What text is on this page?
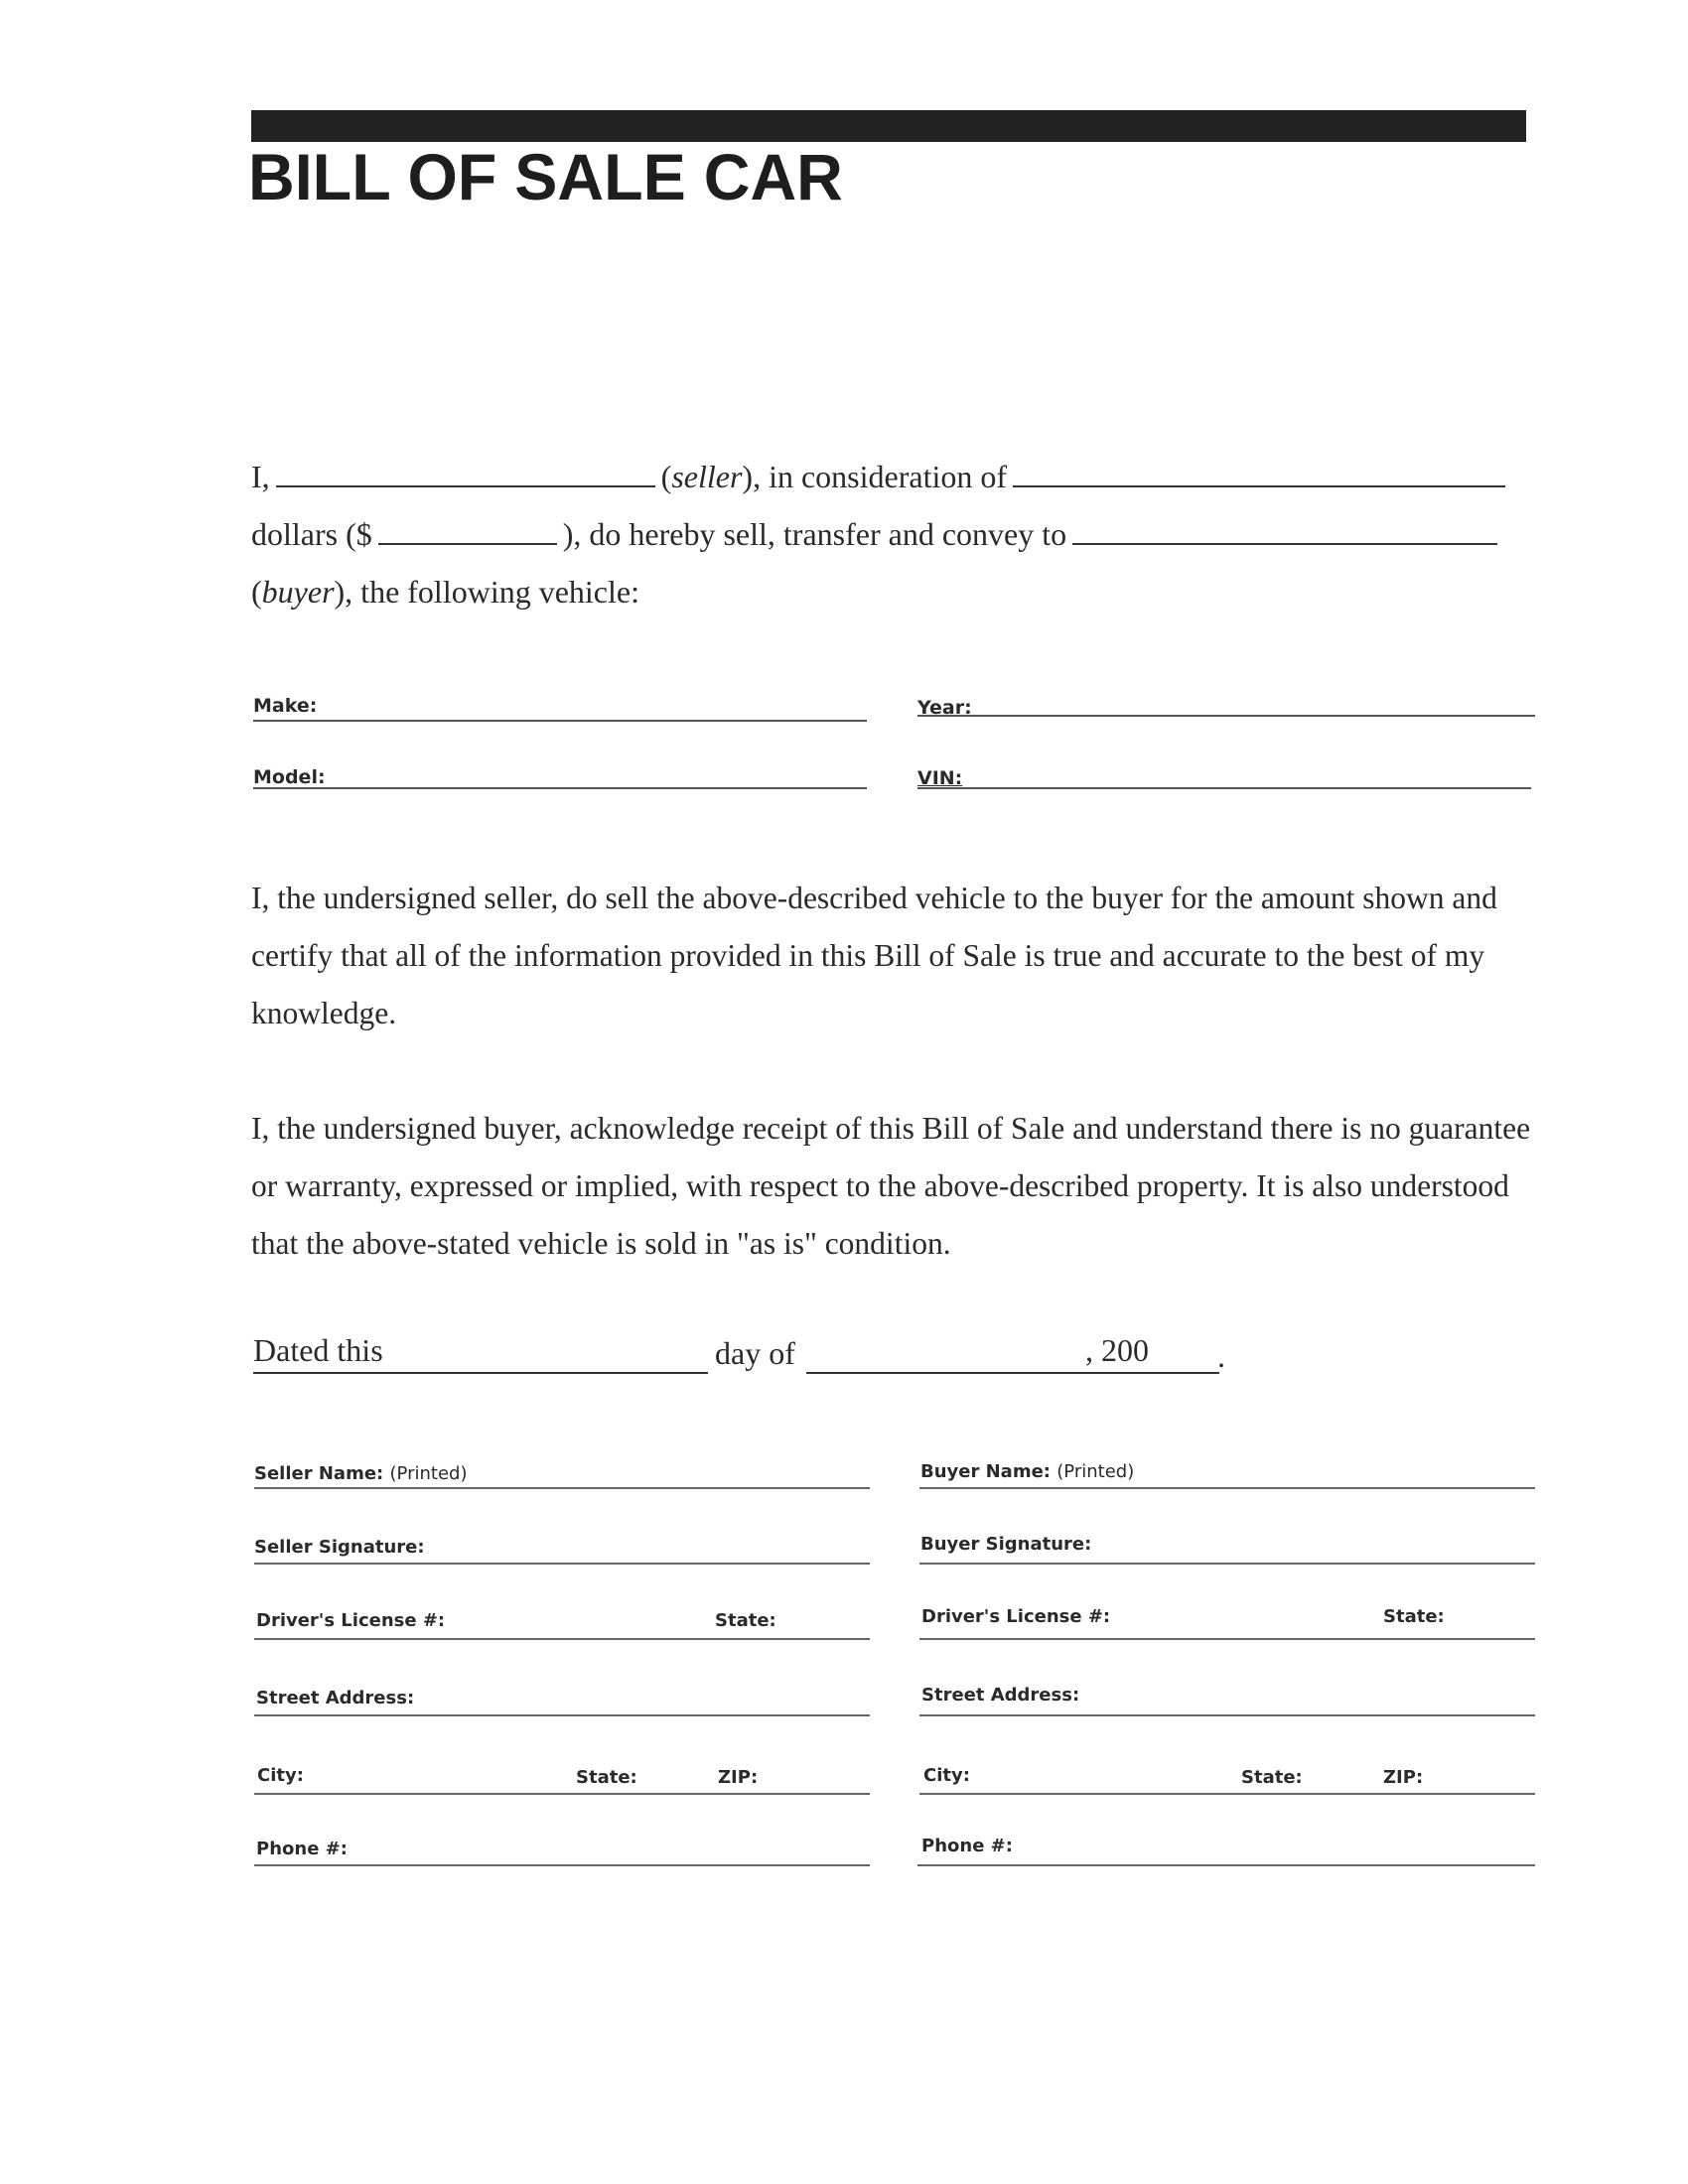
BILL OF SALE CAR
I,	(seller), in consideration of
dollars ($	), do hereby sell, transfer and convey to
(buyer), the following vehicle:
Make:	Year:
Model:	VIN:
I, the undersigned seller, do sell the above-described vehicle to the buyer for the amount shown and certify that all of the information provided in this Bill of Sale is true and accurate to the best of my knowledge.
I, the undersigned buyer, acknowledge receipt of this Bill of Sale and understand there is no guarantee or warranty, expressed or implied, with respect to the above-described property. It is also understood that the above-stated vehicle is sold in "as is" condition.
Dated this	day of	, 200 .
Seller Name: (Printed)
Seller Signature:
Driver's License #:	State:
Street Address:
City:	State:	ZIP:
Phone #:
Buyer Name: (Printed)
Buyer Signature:
Driver's License #:	State:
Street Address:
City:	State:	ZIP:
Phone #:
